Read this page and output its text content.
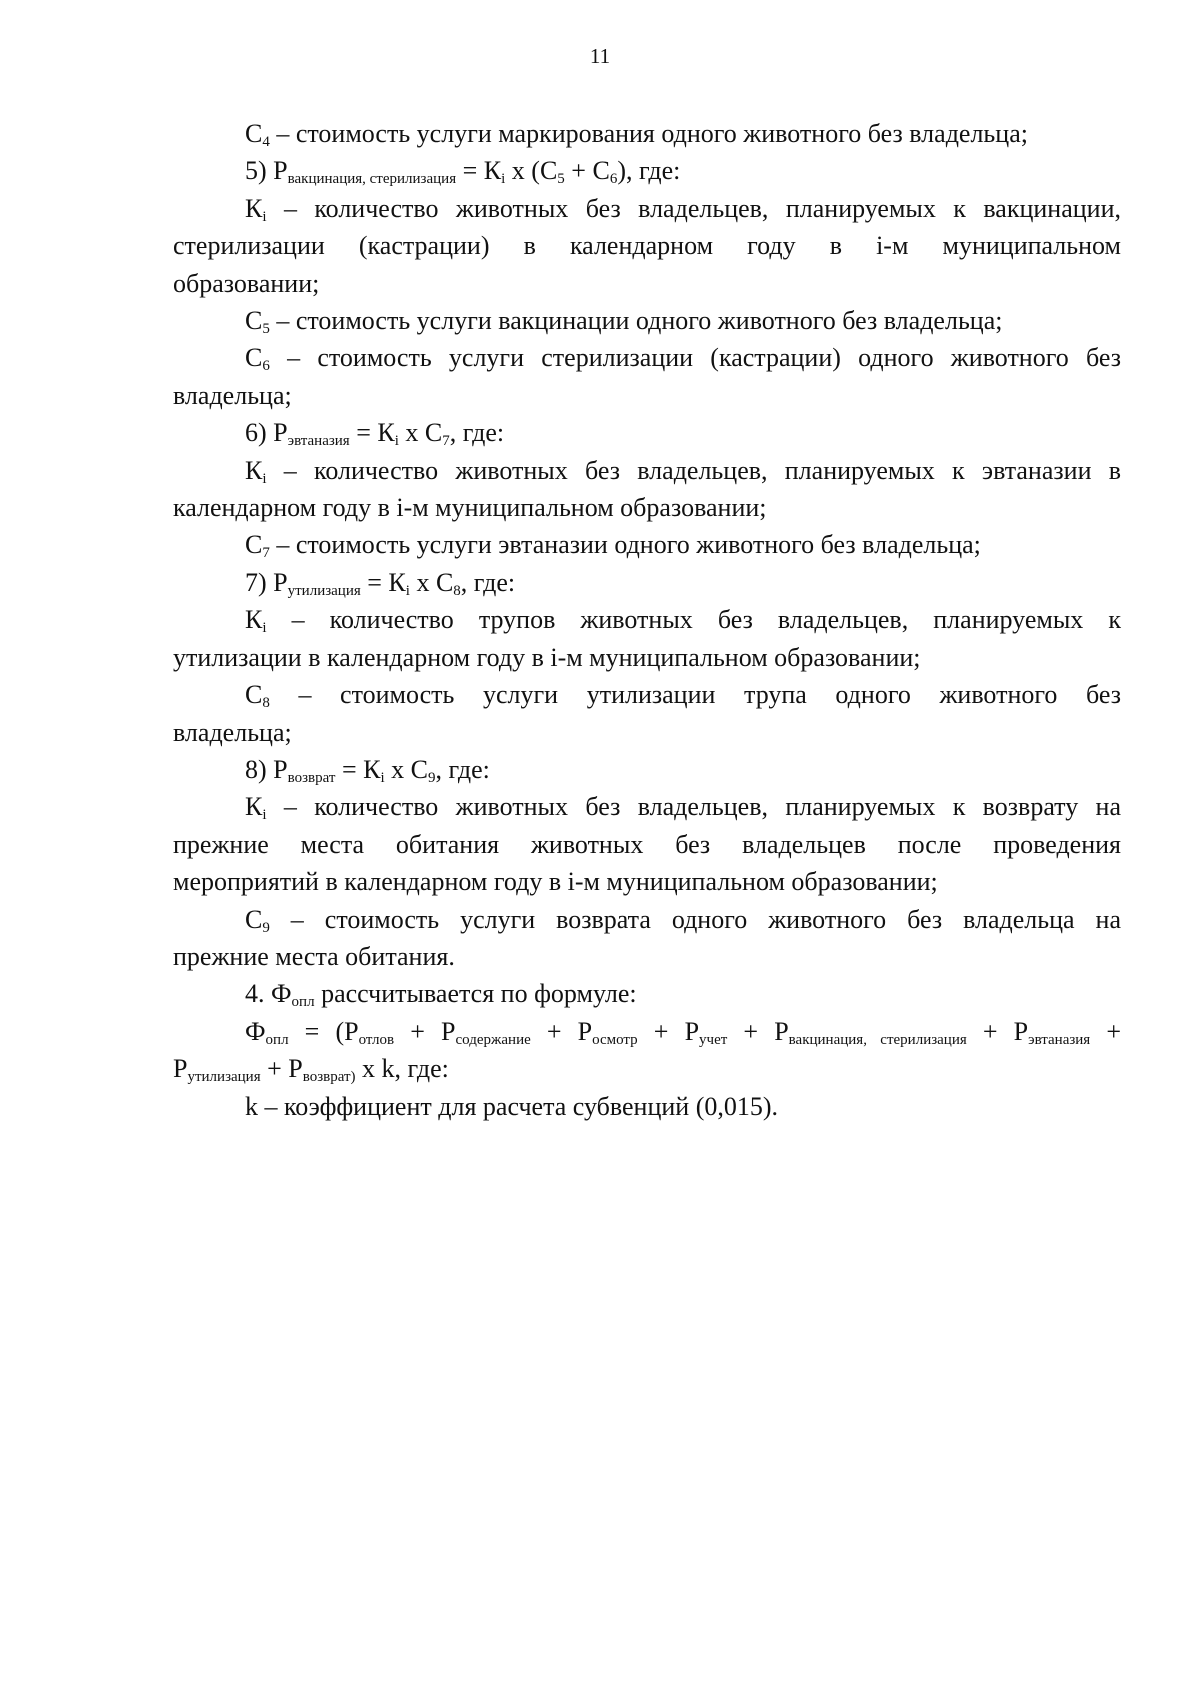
11

$С_4$ – стоимость услуги маркирования одного животного без владельца;

5) $Р_{вакцинация, стерилизация} = К_i$ х $(С_5 + С_6)$, где:

$К_i$ – количество животных без владельцев, планируемых к вакцинации,

стерилизации (кастрации) в календарном году в i-м муниципальном

образовании;

$С_5$ – стоимость услуги вакцинации одного животного без владельца;

$С_6$ – стоимость услуги стерилизации (кастрации) одного животного без

владельца;

6) $Р_{эвтаназия} = К_i$ х $С_7$, где:

$К_i$ – количество животных без владельцев, планируемых к эвтаназии в

календарном году в i-м муниципальном образовании;

$С_7$ – стоимость услуги эвтаназии одного животного без владельца;

7) $Р_{утилизация} = К_i$ х $С_8$, где:

$К_i$ – количество трупов животных без владельцев, планируемых к

утилизации в календарном году в i-м муниципальном образовании;

$С_8$ – стоимость услуги утилизации трупа одного животного без

владельца;

8) $Р_{возврат} = К_i$ х $С_9$, где:

$К_i$ – количество животных без владельцев, планируемых к возврату на

прежние места обитания животных без владельцев после проведения

мероприятий в календарном году в i-м муниципальном образовании;

$С_9$ – стоимость услуги возврата одного животного без владельца на

прежние места обитания.

4. $Ф_{опл}$ рассчитывается по формуле:

$Ф_{опл} = (Р_{отлов} + Р_{содержание} + Р_{осмотр} + Р_{учет} + Р_{вакцинация, стерилизация} + Р_{эвтаназия}$ +

$Р_{утилизация} + Р_{возврат)}$ х k, где:

k – коэффициент для расчета субвенций (0,015).
